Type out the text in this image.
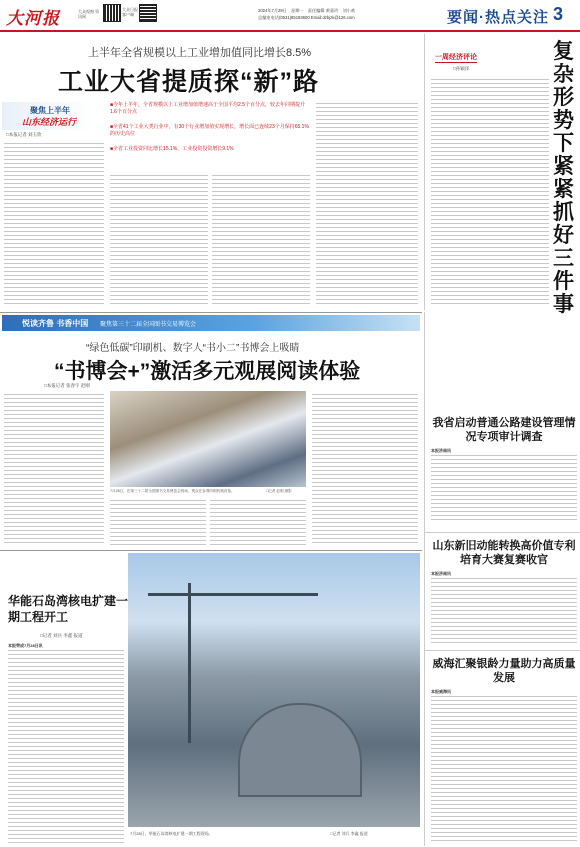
大河报	大众视窗 资讯网
大众日报
客户端
2024年7月29日　星期一　责任编辑 黄嘉玲　刘小欢
总编室电话(0531)85193600 Email:dzbjzk@126.com	要闻·热点关注 3
上半年全省规模以上工业增加值同比增长8.5%
工业大省提质探“新”路
聚焦上半年
山东经济运行
□本报记者 刘玉欣
■今年上半年，全省规模以上工业增加值增速高于全国平均2.5个百分点，较去年同期提升1.6个百分点
■全省41个工业大类行业中，有30个行业增加值实现增长，增长面已连续23个月保持65.1%的历史高位
■全省工业投资同比增长15.1%，工业投资投资增长9.1%
一周经济评论
□孙颖泽
复杂形势下紧紧抓好三件事
悦读齐鲁 书香中国 聚焦第三十二届全国图书交易博览会
“绿色低碳”印刷机、数字人“书小二”书博会上吸睛
“书博会+”激活多元观展阅读体验
□本报记者 张春宇 赵刚
7月28日，在第三十二届全国图书交易博览会现场，观众在参观印刷机械设备。	□记者 赵刚 摄影
我省启动普通公路建设管理情况专项审计调查
本报济南讯
山东新旧动能转换高价值专利培育大赛复赛收官
本报济南讯
威海汇聚银龄力量助力高质量发展
本报威海讯
华能石岛湾核电扩建一期工程开工
□记者 刘兵 李鑫 报道
本报荣成7月28日讯
7月28日，华能石岛湾核电扩建一期工程现场。	□记者 刘兵 李鑫 报道
